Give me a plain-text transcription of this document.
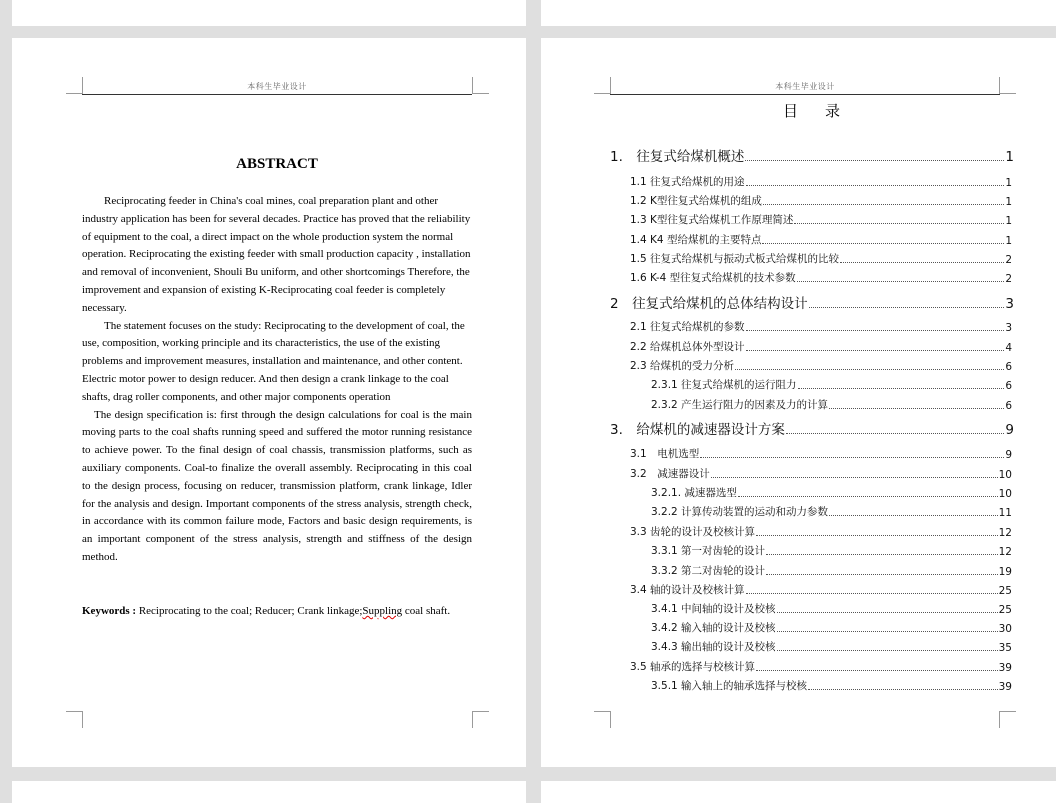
本科生毕业设计
ABSTRACT

Reciprocating feeder in China's coal mines, coal preparation plant and other industry application has been for several decades. Practice has proved that the reliability of equipment to the coal, a direct impact on the whole production system the normal operation. Reciprocating the existing feeder with small production capacity , installation and removal of inconvenient, Shouli Bu uniform, and other shortcomings Therefore, the improvement and expansion of existing K-Reciprocating coal feeder is completely necessary.

The statement focuses on the study: Reciprocating to the development of coal, the use, composition, working principle and its characteristics, the use of the existing problems and improvement measures, installation and maintenance, and other content. Electric motor power to design reducer. And then design a crank linkage to the coal shafts, drag roller components, and other major components operation

The design specification is: first through the design calculations for coal is the main moving parts to the coal shafts running speed and suffered the motor running resistance to achieve power. To the final design of coal chassis, transmission platforms, such as auxiliary components. Coal-to finalize the overall assembly. Reciprocating in this coal to the design process, focusing on reducer, transmission platform, crank linkage, Idler for the analysis and design. Important components of the stress analysis, strength check, in accordance with its common failure mode, Factors and basic design requirements, is an important component of the stress analysis, strength and stiffness of the design method.

Keywords : Reciprocating to the coal; Reducer; Crank linkage;Suppling coal shaft.
本科生毕业设计
目 录
1.　往复式给煤机概述	1
1.1 往复式给煤机的用途	1
1.2 K型往复式给煤机的组成	1
1.3 K型往复式给煤机工作原理简述	1
1.4 K4 型给煤机的主要特点	1
1.5 往复式给煤机与振动式板式给煤机的比较	2
1.6 K-4 型往复式给煤机的技术参数	2
2　往复式给煤机的总体结构设计	3
2.1 往复式给煤机的参数	3
2.2 给煤机总体外型设计	4
2.3 给煤机的受力分析	6
2.3.1 往复式给煤机的运行阻力	6
2.3.2 产生运行阻力的因素及力的计算	6
3.　给煤机的减速器设计方案	9
3.1　电机选型	9
3.2　减速器设计	10
3.2.1. 减速器选型	10
3.2.2 计算传动装置的运动和动力参数	11
3.3 齿轮的设计及校核计算	12
3.3.1 第一对齿轮的设计	12
3.3.2 第二对齿轮的设计	19
3.4 轴的设计及校核计算	25
3.4.1 中间轴的设计及校核	25
3.4.2 输入轴的设计及校核	30
3.4.3 输出轴的设计及校核	35
3.5 轴承的选择与校核计算	39
3.5.1 输入轴上的轴承选择与校核	39
